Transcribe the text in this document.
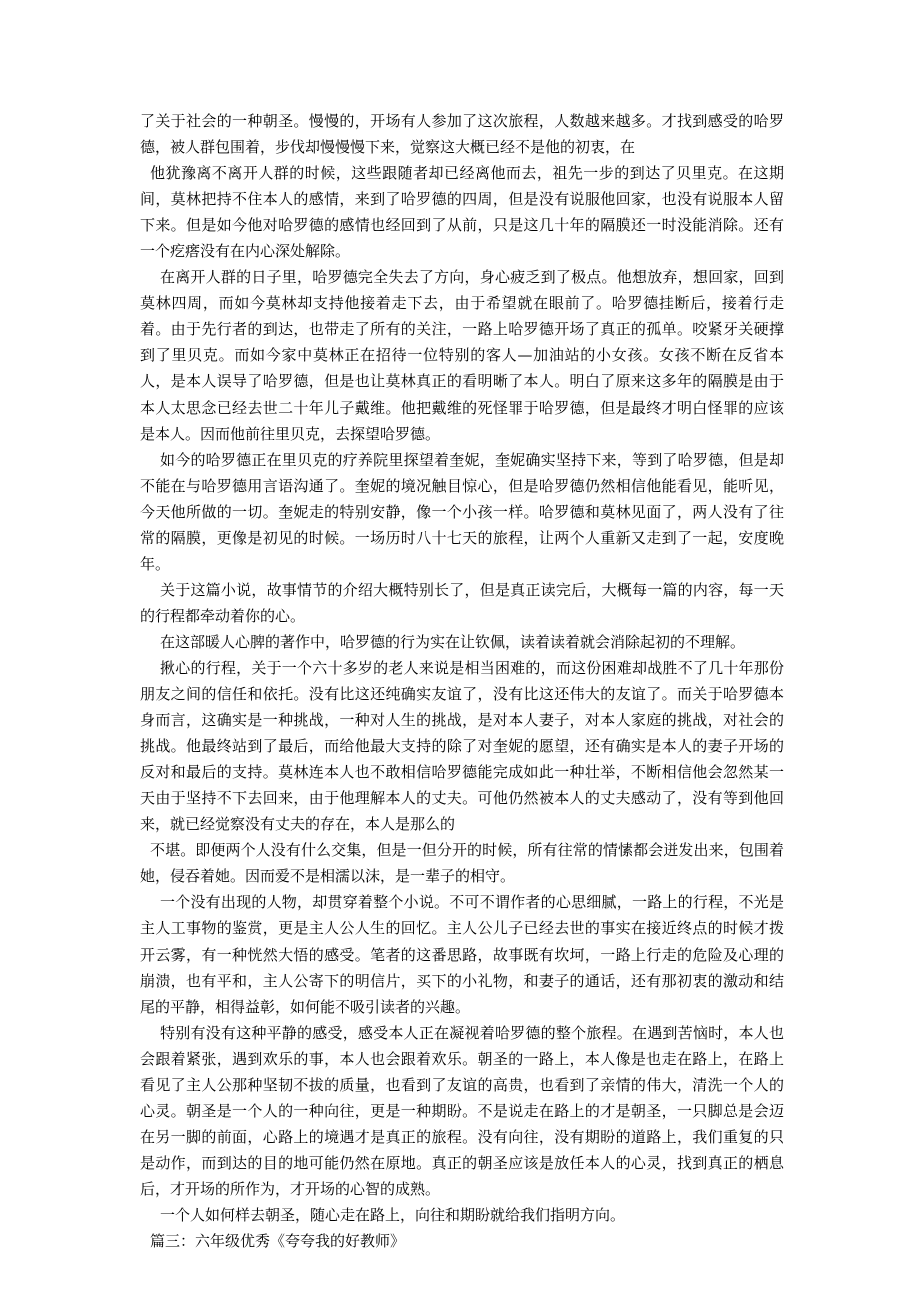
了关于社会的一种朝圣。慢慢的，开场有人参加了这次旅程，人数越来越多。才找到感受的哈罗德，被人群包围着，步伐却慢慢慢下来，觉察这大概已经不是他的初衷，在

他犹豫离不离开人群的时候，这些跟随者却已经离他而去，祖先一步的到达了贝里克。在这期间，莫林把持不住本人的感情，来到了哈罗德的四周，但是没有说服他回家，也没有说服本人留下来。但是如今他对哈罗德的感情也经回到了从前，只是这几十年的隔膜还一时没能消除。还有一个疙瘩没有在内心深处解除。

在离开人群的日子里，哈罗德完全失去了方向，身心疲乏到了极点。他想放弃，想回家，回到莫林四周，而如今莫林却支持他接着走下去，由于希望就在眼前了。哈罗德挂断后，接着行走着。由于先行者的到达，也带走了所有的关注，一路上哈罗德开场了真正的孤单。咬紧牙关硬撑到了里贝克。而如今家中莫林正在招待一位特别的客人—加油站的小女孩。女孩不断在反省本人，是本人误导了哈罗德，但是也让莫林真正的看明晰了本人。明白了原来这多年的隔膜是由于本人太思念已经去世二十年儿子戴维。他把戴维的死怪罪于哈罗德，但是最终才明白怪罪的应该是本人。因而他前往里贝克，去探望哈罗德。

如今的哈罗德正在里贝克的疗养院里探望着奎妮，奎妮确实坚持下来，等到了哈罗德，但是却不能在与哈罗德用言语沟通了。奎妮的境况触目惊心，但是哈罗德仍然相信他能看见，能听见，今天他所做的一切。奎妮走的特别安静，像一个小孩一样。哈罗德和莫林见面了，两人没有了往常的隔膜，更像是初见的时候。一场历时八十七天的旅程，让两个人重新又走到了一起，安度晚年。

关于这篇小说，故事情节的介绍大概特别长了，但是真正读完后，大概每一篇的内容，每一天的行程都牵动着你的心。

在这部暖人心脾的著作中，哈罗德的行为实在让钦佩，读着读着就会消除起初的不理解。

揪心的行程，关于一个六十多岁的老人来说是相当困难的，而这份困难却战胜不了几十年那份朋友之间的信任和依托。没有比这还纯确实友谊了，没有比这还伟大的友谊了。而关于哈罗德本身而言，这确实是一种挑战，一种对人生的挑战，是对本人妻子，对本人家庭的挑战，对社会的挑战。他最终站到了最后，而给他最大支持的除了对奎妮的愿望，还有确实是本人的妻子开场的反对和最后的支持。莫林连本人也不敢相信哈罗德能完成如此一种壮举，不断相信他会忽然某一天由于坚持不下去回来，由于他理解本人的丈夫。可他仍然被本人的丈夫感动了，没有等到他回来，就已经觉察没有丈夫的存在，本人是那么的

不堪。即便两个人没有什么交集，但是一但分开的时候，所有往常的情愫都会迸发出来，包围着她，侵吞着她。因而爱不是相濡以沫，是一辈子的相守。

一个没有出现的人物，却贯穿着整个小说。不可不谓作者的心思细腻，一路上的行程，不光是主人工事物的鉴赏，更是主人公人生的回忆。主人公儿子已经去世的事实在接近终点的时候才拨开云雾，有一种恍然大悟的感受。笔者的这番思路，故事既有坎坷，一路上行走的危险及心理的崩溃，也有平和，主人公寄下的明信片，买下的小礼物，和妻子的通话，还有那初衷的激动和结尾的平静，相得益彰，如何能不吸引读者的兴趣。

特别有没有这种平静的感受，感受本人正在凝视着哈罗德的整个旅程。在遇到苦恼时，本人也会跟着紧张，遇到欢乐的事，本人也会跟着欢乐。朝圣的一路上，本人像是也走在路上，在路上看见了主人公那种坚韧不拔的质量，也看到了友谊的高贵，也看到了亲情的伟大，清洗一个人的心灵。朝圣是一个人的一种向往，更是一种期盼。不是说走在路上的才是朝圣，一只脚总是会迈在另一脚的前面，心路上的境遇才是真正的旅程。没有向往，没有期盼的道路上，我们重复的只是动作，而到达的目的地可能仍然在原地。真正的朝圣应该是放任本人的心灵，找到真正的栖息后，才开场的所作为，才开场的心智的成熟。

一个人如何样去朝圣，随心走在路上，向往和期盼就给我们指明方向。

篇三：六年级优秀《夸夸我的好教师》
